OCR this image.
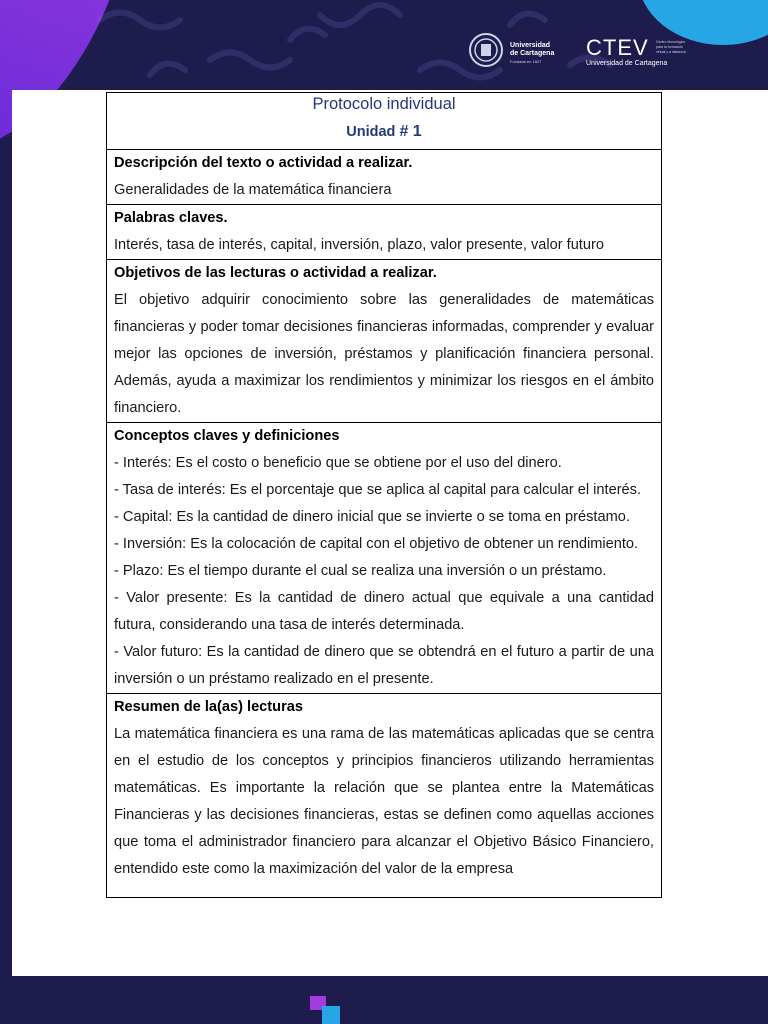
Universidad
de Cartagena
Fundada en 1827
CTEV
Universidad de Cartagena
Centro tecnológico
para la formación
virtual y a distancia
Protocolo individual
Unidad # 1
Descripción del texto o actividad a realizar.

Generalidades de la matemática financiera

Palabras claves.

Interés, tasa de interés, capital, inversión, plazo, valor presente, valor futuro

Objetivos de las lecturas o actividad a realizar.

El objetivo adquirir conocimiento sobre las generalidades de matemáticas financieras y poder tomar decisiones financieras informadas, comprender y evaluar mejor las opciones de inversión, préstamos y planificación financiera personal. Además, ayuda a maximizar los rendimientos y minimizar los riesgos en el ámbito financiero.

Conceptos claves y definiciones

- Interés: Es el costo o beneficio que se obtiene por el uso del dinero.

- Tasa de interés: Es el porcentaje que se aplica al capital para calcular el interés.

- Capital: Es la cantidad de dinero inicial que se invierte o se toma en préstamo.

- Inversión: Es la colocación de capital con el objetivo de obtener un rendimiento.

- Plazo: Es el tiempo durante el cual se realiza una inversión o un préstamo.

- Valor presente: Es la cantidad de dinero actual que equivale a una cantidad futura, considerando una tasa de interés determinada.

- Valor futuro: Es la cantidad de dinero que se obtendrá en el futuro a partir de una inversión o un préstamo realizado en el presente.

Resumen de la(as) lecturas

La matemática financiera es una rama de las matemáticas aplicadas que se centra en el estudio de los conceptos y principios financieros utilizando herramientas matemáticas. Es importante la relación que se plantea entre la Matemáticas Financieras y las decisiones financieras, estas se definen como aquellas acciones que toma el administrador financiero para alcanzar el Objetivo Básico Financiero, entendido este como la maximización del valor de la empresa
